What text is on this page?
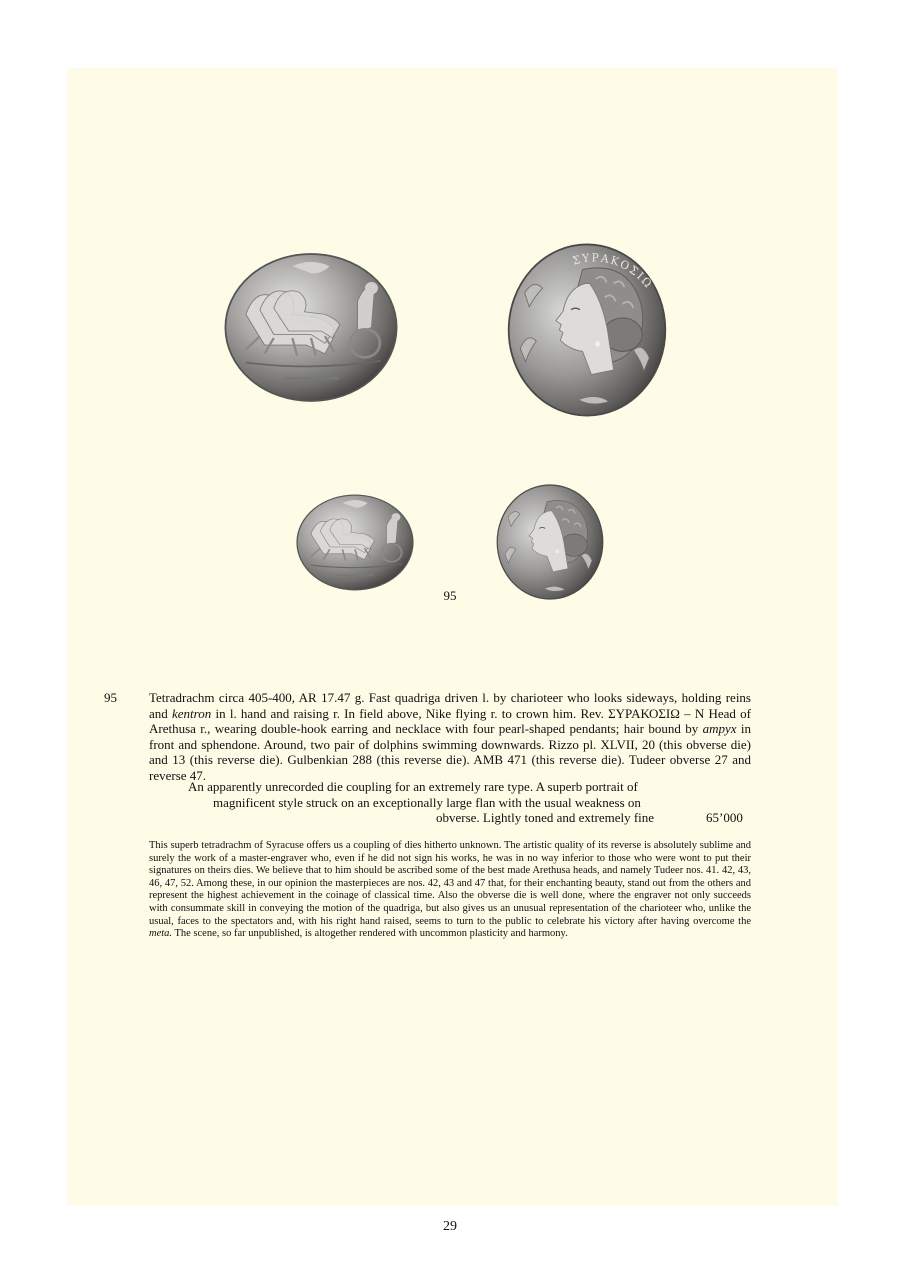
ΣΥΡΑΚΟΣΙΩ
95
95 Tetradrachm circa 405-400, AR 17.47 g. Fast quadriga driven l. by charioteer who looks sideways, holding reins and kentron in l. hand and raising r. In field above, Nike flying r. to crown him. Rev. ΣΥΡΑΚΟΣΙΩ – N Head of Arethusa r., wearing double-hook earring and necklace with four pearl-shaped pendants; hair bound by ampyx in front and sphendone. Around, two pair of dolphins swimming downwards. Rizzo pl. XLVII, 20 (this obverse die) and 13 (this reverse die). Gulbenkian 288 (this reverse die). AMB 471 (this reverse die). Tudeer obverse 27 and reverse 47.

An apparently unrecorded die coupling for an extremely rare type. A superb portrait of
magnificent style struck on an exceptionally large flan with the usual weakness on
obverse. Lightly toned and extremely fine	65’000
This superb tetradrachm of Syracuse offers us a coupling of dies hitherto unknown. The artistic quality of its reverse is absolutely sublime and surely the work of a master-engraver who, even if he did not sign his works, he was in no way inferior to those who were wont to put their signatures on theirs dies. We believe that to him should be ascribed some of the best made Arethusa heads, and namely Tudeer nos. 41. 42, 43, 46, 47, 52. Among these, in our opinion the masterpieces are nos. 42, 43 and 47 that, for their enchanting beauty, stand out from the others and represent the highest achievement in the coinage of classical time. Also the obverse die is well done, where the engraver not only succeeds with consummate skill in conveying the motion of the quadriga, but also gives us an unusual representation of the charioteer who, unlike the usual, faces to the spectators and, with his right hand raised, seems to turn to the public to celebrate his victory after having overcome the meta. The scene, so far unpublished, is altogether rendered with uncommon plasticity and harmony.
29
